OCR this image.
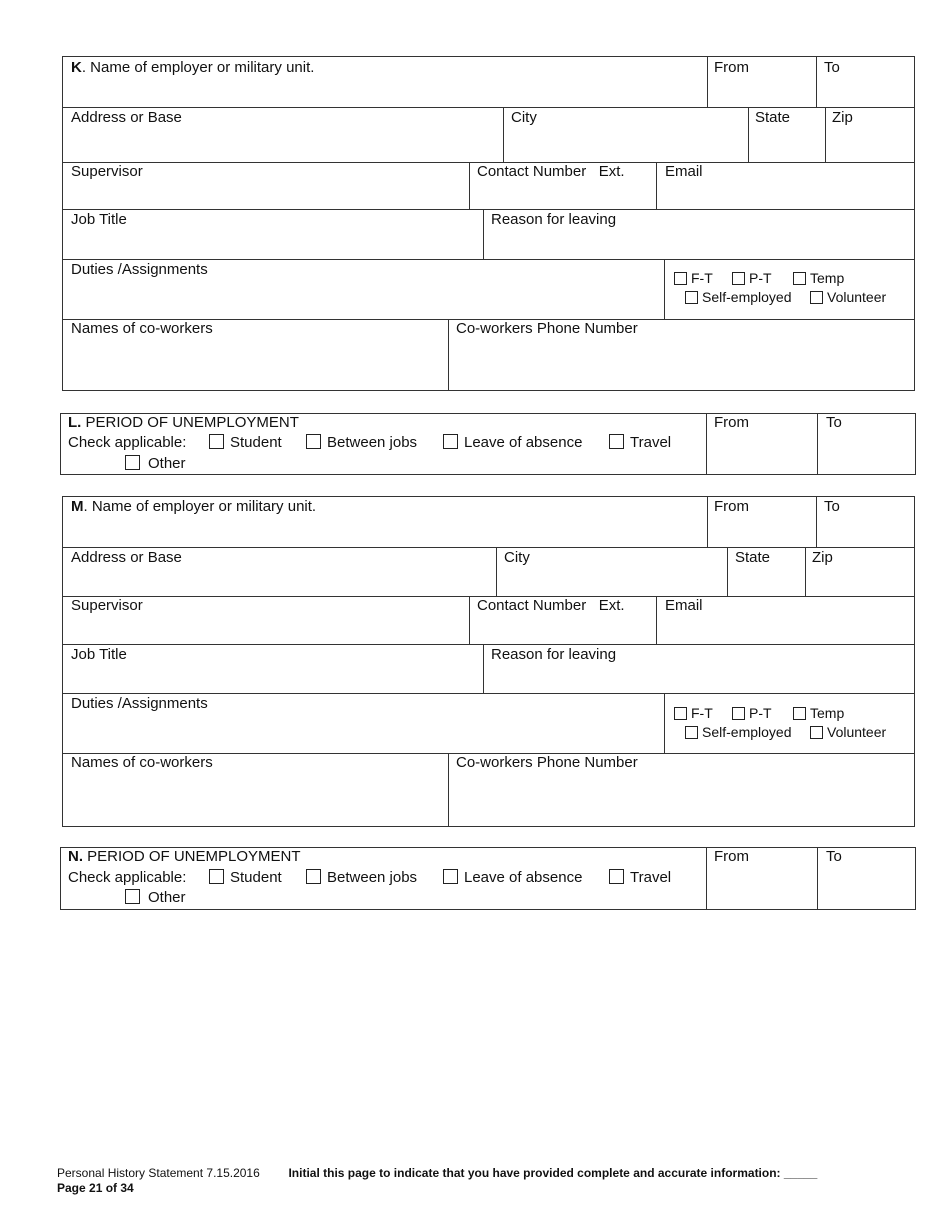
K. Name of employer or military unit.	From	To
Address or Base	City	State	Zip
Supervisor	Contact Number   Ext.	Email
Job Title	Reason for leaving
Duties /Assignments	F-T	P-T	Temp
Self-employed	Volunteer
Names of co-workers	Co-workers Phone Number
L. PERIOD OF UNEMPLOYMENT
Check applicable:	Student	Between jobs	Leave of absence	Travel
Other
From	To
M. Name of employer or military unit.	From	To
Address or Base	City	State	Zip
Supervisor	Contact Number   Ext.	Email
Job Title	Reason for leaving
Duties /Assignments
F-T	P-T	Temp
Self-employed	Volunteer
Names of co-workers	Co-workers Phone Number
N. PERIOD OF UNEMPLOYMENT
Check applicable:	Student	Between jobs	Leave of absence	Travel
Other
From	To
Personal History Statement 7.15.2016 Initial this page to indicate that you have provided complete and accurate information: _____
Page 21 of 34
